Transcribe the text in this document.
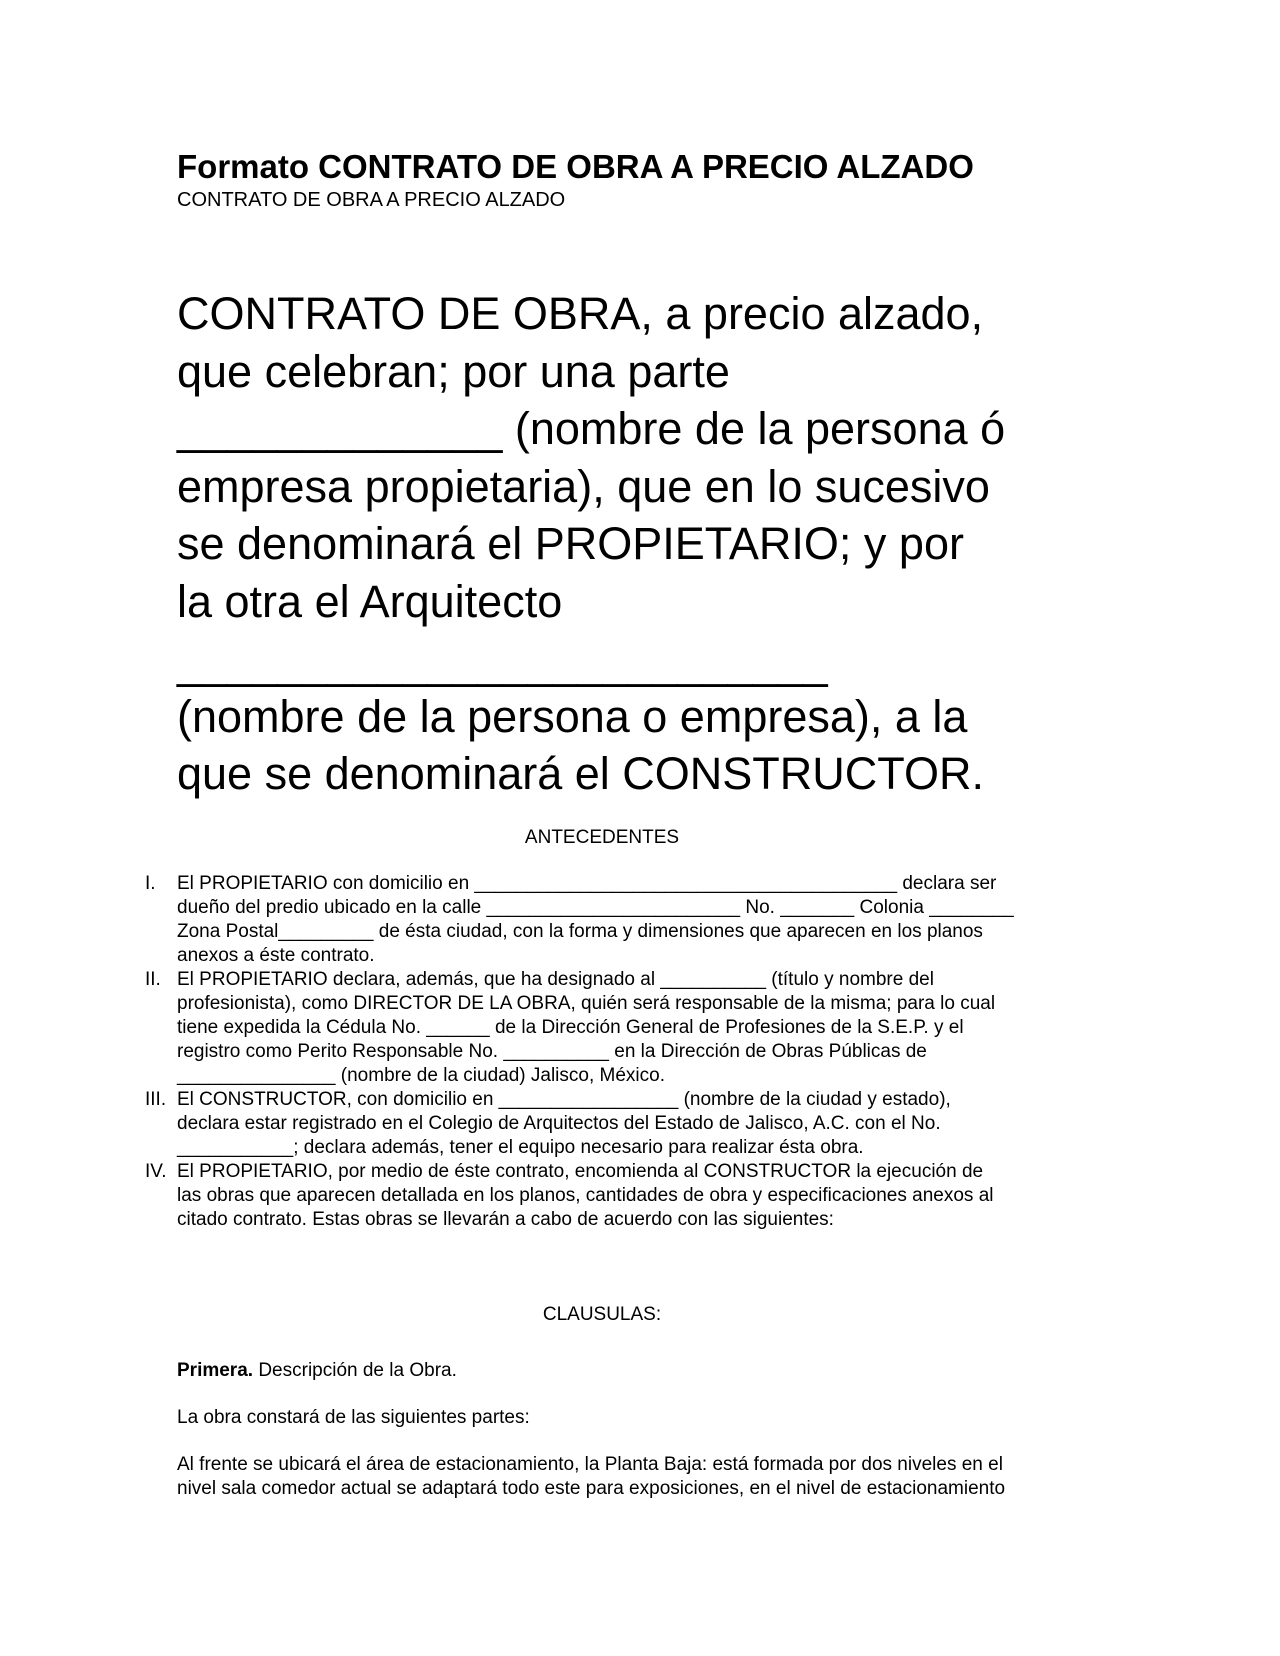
Formato CONTRATO DE OBRA A PRECIO ALZADO
CONTRATO DE OBRA A PRECIO ALZADO

CONTRATO DE OBRA, a precio alzado,

que celebran; por una parte

_____________ (nombre de la persona ó

empresa propietaria), que en lo sucesivo

se denominará el PROPIETARIO; y por

la otra el Arquitecto

__________________________

(nombre de la persona o empresa), a la

que se denominará el CONSTRUCTOR.

ANTECEDENTES
I. El PROPIETARIO con domicilio en ________________________________________ declara ser
dueño del predio ubicado en la calle ________________________ No. _______ Colonia ________
Zona Postal_________ de ésta ciudad, con la forma y dimensiones que aparecen en los planos
anexos a éste contrato.
II. El PROPIETARIO declara, además, que ha designado al __________ (título y nombre del
profesionista), como DIRECTOR DE LA OBRA, quién será responsable de la misma; para lo cual
tiene expedida la Cédula No. ______ de la Dirección General de Profesiones de la S.E.P. y el
registro como Perito Responsable No. __________ en la Dirección de Obras Públicas de
_______________ (nombre de la ciudad) Jalisco, México.
III. El CONSTRUCTOR, con domicilio en _________________ (nombre de la ciudad y estado),
declara estar registrado en el Colegio de Arquitectos del Estado de Jalisco, A.C. con el No.
___________; declara además, tener el equipo necesario para realizar ésta obra.
IV. El PROPIETARIO, por medio de éste contrato, encomienda al CONSTRUCTOR la ejecución de
las obras que aparecen detallada en los planos, cantidades de obra y especificaciones anexos al
citado contrato. Estas obras se llevarán a cabo de acuerdo con las siguientes:
CLAUSULAS:
Primera. Descripción de la Obra.
La obra constará de las siguientes partes:
Al frente se ubicará el área de estacionamiento, la Planta Baja: está formada por dos niveles en el
nivel sala comedor actual se adaptará todo este para exposiciones, en el nivel de estacionamiento
